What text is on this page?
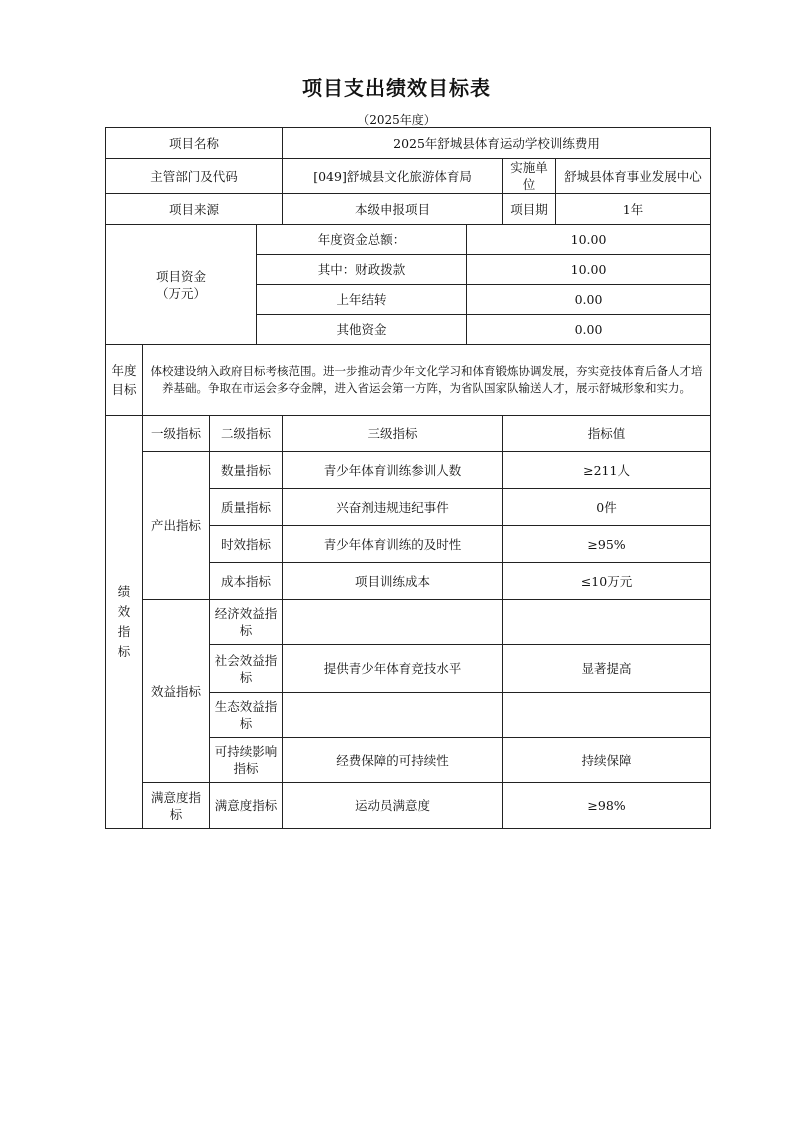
项目支出绩效目标表
（2025年度）
项目名称				2025年舒城县体育运动学校训练费用			
主管部门及代码				[049]舒城县文化旅游体育局		实施单位	舒城县体育事业发展中心
项目来源				本级申报项目		项目期	1年

项目资金
（万元）			年度资金总额：		10.00		
			其中：财政拨款		10.00		
			上年结转		0.00		
			其他资金		0.00		
年度目标	体校建设纳入政府目标考核范围。进一步推动青少年文化学习和体育锻炼协调发展，夯实竞技体育后备人才培养基础。争取在市运会多夺金牌，进入省运会第一方阵，为省队国家队输送人才，展示舒城形象和实力。						
绩效指标	一级指标	二级指标		三级指标		指标值	
	产出指标	数量指标		青少年体育训练参训人数		≥211人	
		质量指标		兴奋剂违规违纪事件		0件	
		时效指标		青少年体育训练的及时性		≥95%	
		成本指标		项目训练成本		≤10万元	
	效益指标	经济效益指标					
		社会效益指标		提供青少年体育竞技水平		显著提高	
		生态效益指标					
		可持续影响指标		经费保障的可持续性		持续保障	
	满意度指标	满意度指标		运动员满意度		≥98%	
